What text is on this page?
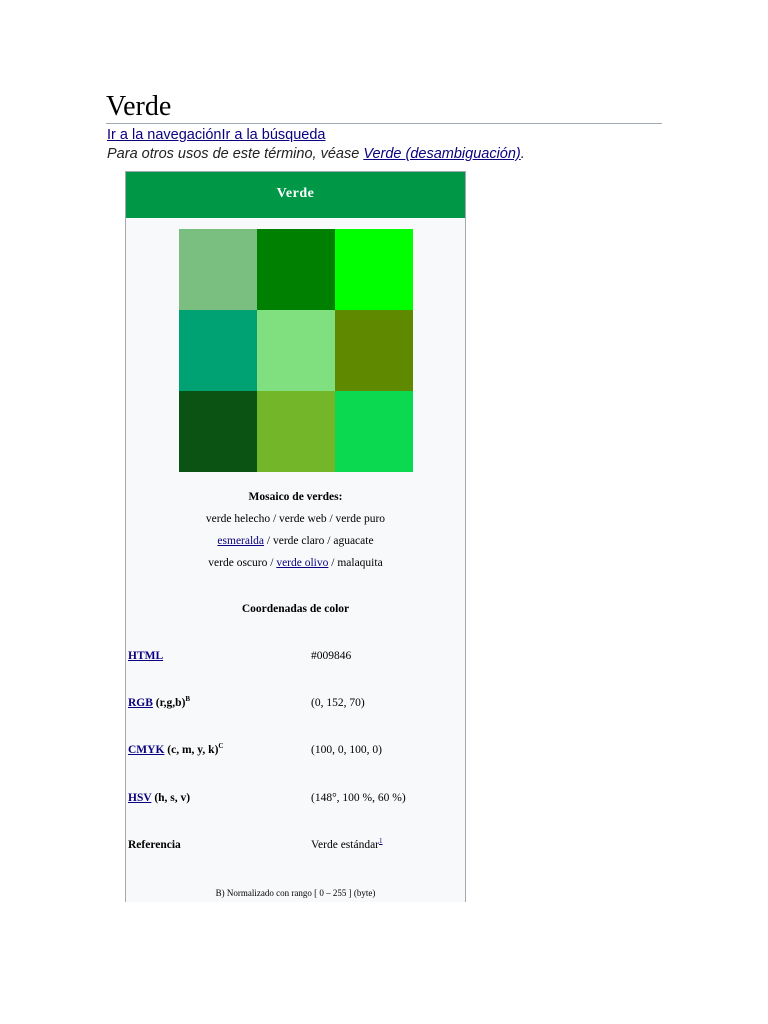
Verde
Ir a la navegaciónIr a la búsqueda
Para otros usos de este término, véase Verde (desambiguación).
Verde
Mosaico de verdes:
verde helecho / verde web / verde puro
esmeralda / verde claro / aguacate
verde oscuro / verde olivo / malaquita
Coordenadas de color
HTML	#009846
RGB $(r,g,b)^B$	(0, 152, 70)
CMYK (c, m, y, k)$^C$	(100, 0, 100, 0)
HSV (h, s, v)	(148°, 100 %, 60 %)
Referencia	Verde estándar$^1$
B) Normalizado con rango [ 0 – 255 ] (byte)
